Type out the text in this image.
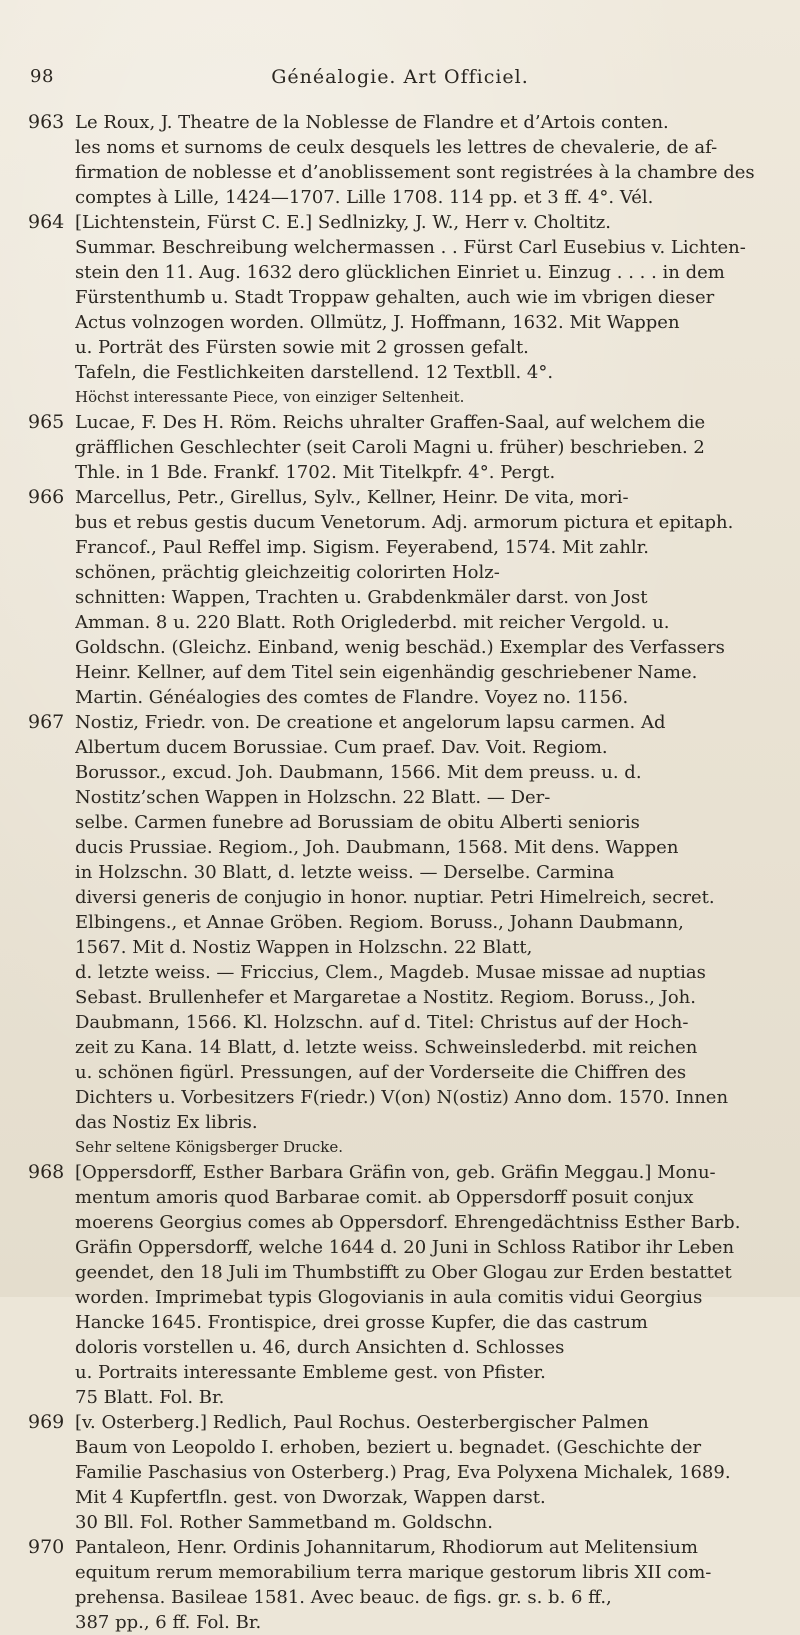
98	Généalogie. Art Officiel.
963 Le Roux, J. Theatre de la Noblesse de Flandre et d’Artois conten.
les noms et surnoms de ceulx desquels les lettres de chevalerie, de af-
firmation de noblesse et d’anoblissement sont registrées à la chambre des
comptes à Lille, 1424—1707. Lille 1708. 114 pp. et 3 ff. 4°. Vél.
964 [Lichtenstein, Fürst C. E.] Sedlnizky, J. W., Herr v. Choltitz.
Summar. Beschreibung welchermassen . . Fürst Carl Eusebius v. Lichten-
stein den 11. Aug. 1632 dero glücklichen Einriet u. Einzug . . . . in dem
Fürstenthumb u. Stadt Troppaw gehalten, auch wie im vbrigen dieser
Actus volnzogen worden. Ollmütz, J. Hoffmann, 1632. Mit Wappen
u. Porträt des Fürsten sowie mit 2 grossen gefalt.
Tafeln, die Festlichkeiten darstellend. 12 Textbll. 4°.
Höchst interessante Piece, von einziger Seltenheit.
965 Lucae, F. Des H. Röm. Reichs uhralter Graffen-Saal, auf welchem die
gräfflichen Geschlechter (seit Caroli Magni u. früher) beschrieben. 2
Thle. in 1 Bde. Frankf. 1702. Mit Titelkpfr. 4°. Pergt.
966 Marcellus, Petr., Girellus, Sylv., Kellner, Heinr. De vita, mori-
bus et rebus gestis ducum Venetorum. Adj. armorum pictura et epitaph.
Francof., Paul Reffel imp. Sigism. Feyerabend, 1574. Mit zahlr.
schönen, prächtig gleichzeitig colorirten Holz-
schnitten: Wappen, Trachten u. Grabdenkmäler darst. von Jost
Amman. 8 u. 220 Blatt. Roth Origlederbd. mit reicher Vergold. u.
Goldschn. (Gleichz. Einband, wenig beschäd.) Exemplar des Verfassers
Heinr. Kellner, auf dem Titel sein eigenhändig geschriebener Name.
Martin. Généalogies des comtes de Flandre. Voyez no. 1156.
967 Nostiz, Friedr. von. De creatione et angelorum lapsu carmen. Ad
Albertum ducem Borussiae. Cum praef. Dav. Voit. Regiom.
Borussor., excud. Joh. Daubmann, 1566. Mit dem preuss. u. d.
Nostitz’schen Wappen in Holzschn. 22 Blatt. — Der-
selbe. Carmen funebre ad Borussiam de obitu Alberti senioris
ducis Prussiae. Regiom., Joh. Daubmann, 1568. Mit dens. Wappen
in Holzschn. 30 Blatt, d. letzte weiss. — Derselbe. Carmina
diversi generis de conjugio in honor. nuptiar. Petri Himelreich, secret.
Elbingens., et Annae Gröben. Regiom. Boruss., Johann Daubmann,
1567. Mit d. Nostiz Wappen in Holzschn. 22 Blatt,
d. letzte weiss. — Friccius, Clem., Magdeb. Musae missae ad nuptias
Sebast. Brullenhefer et Margaretae a Nostitz. Regiom. Boruss., Joh.
Daubmann, 1566. Kl. Holzschn. auf d. Titel: Christus auf der Hoch-
zeit zu Kana. 14 Blatt, d. letzte weiss. Schweinslederbd. mit reichen
u. schönen figürl. Pressungen, auf der Vorderseite die Chiffren des
Dichters u. Vorbesitzers F(riedr.) V(on) N(ostiz) Anno dom. 1570. Innen
das Nostiz Ex libris.
Sehr seltene Königsberger Drucke.
968 [Oppersdorff, Esther Barbara Gräfin von, geb. Gräfin Meggau.] Monu-
mentum amoris quod Barbarae comit. ab Oppersdorff posuit conjux
moerens Georgius comes ab Oppersdorf. Ehrengedächtniss Esther Barb.
Gräfin Oppersdorff, welche 1644 d. 20 Juni in Schloss Ratibor ihr Leben
geendet, den 18 Juli im Thumbstifft zu Ober Glogau zur Erden bestattet
worden. Imprimebat typis Glogovianis in aula comitis vidui Georgius
Hancke 1645. Frontispice, drei grosse Kupfer, die das castrum
doloris vorstellen u. 46, durch Ansichten d. Schlosses
u. Portraits interessante Embleme gest. von Pfister.
75 Blatt. Fol. Br.
969 [v. Osterberg.] Redlich, Paul Rochus. Oesterbergischer Palmen
Baum von Leopoldo I. erhoben, beziert u. begnadet. (Geschichte der
Familie Paschasius von Osterberg.) Prag, Eva Polyxena Michalek, 1689.
Mit 4 Kupfertfln. gest. von Dworzak, Wappen darst.
30 Bll. Fol. Rother Sammetband m. Goldschn.
970 Pantaleon, Henr. Ordinis Johannitarum, Rhodiorum aut Melitensium
equitum rerum memorabilium terra marique gestorum libris XII com-
prehensa. Basileae 1581. Avec beauc. de figs. gr. s. b. 6 ff.,
387 pp., 6 ff. Fol. Br.
